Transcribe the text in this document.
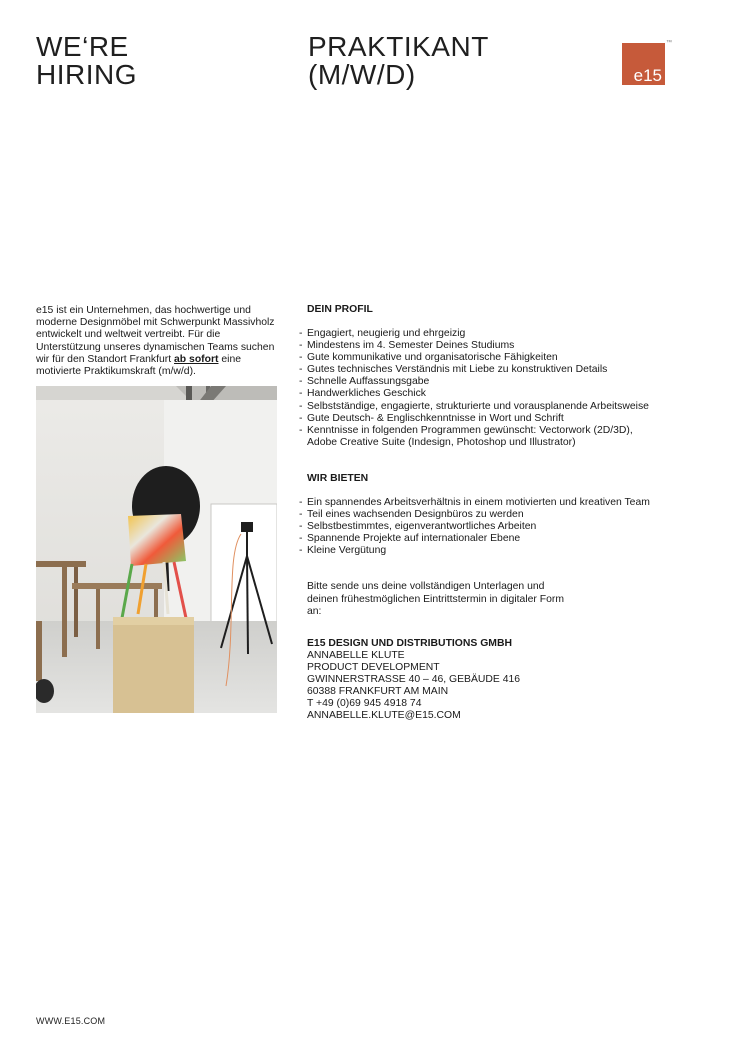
WE‘RE
HIRING
PRAKTIKANT
(M/W/D)	e15
™

e15 ist ein Unternehmen, das hochwertige und moderne Designmöbel mit Schwerpunkt Massivholz entwickelt und weltweit vertreibt. Für die Unterstützung unseres dynamischen Teams suchen wir für den Standort Frankfurt ab sofort eine motivierte Praktikumskraft (m/w/d).

DEIN PROFIL

- Engagiert, neugierig und ehrgeizig
- Mindestens im 4. Semester Deines Studiums
- Gute kommunikative und organisatorische Fähigkeiten
- Gutes technisches Verständnis mit Liebe zu konstruktiven Details
- Schnelle Auffassungsgabe
- Handwerkliches Geschick
- Selbstständige, engagierte, strukturierte und vorausplanende Arbeitsweise
- Gute Deutsch- & Englischkenntnisse in Wort und Schrift
- Kenntnisse in folgenden Programmen gewünscht: Vectorwork (2D/3D), Adobe Creative Suite (Indesign, Photoshop und Illustrator)

WIR BIETEN

- Ein spannendes Arbeitsverhältnis in einem motivierten und kreativen Team
- Teil eines wachsenden Designbüros zu werden
- Selbstbestimmtes, eigenverantwortliches Arbeiten
- Spannende Projekte auf internationaler Ebene
- Kleine Vergütung

Bitte sende uns deine vollständigen Unterlagen und deinen frühestmöglichen Eintrittstermin in digitaler Form an:

E15 DESIGN UND DISTRIBUTIONS GMBH

ANNABELLE KLUTE

PRODUCT DEVELOPMENT

GWINNERSTRASSE 40 – 46, GEBÄUDE 416

60388 FRANKFURT AM MAIN

T +49 (0)69 945 4918 74

ANNABELLE.KLUTE@E15.COM

WWW.E15.COM
